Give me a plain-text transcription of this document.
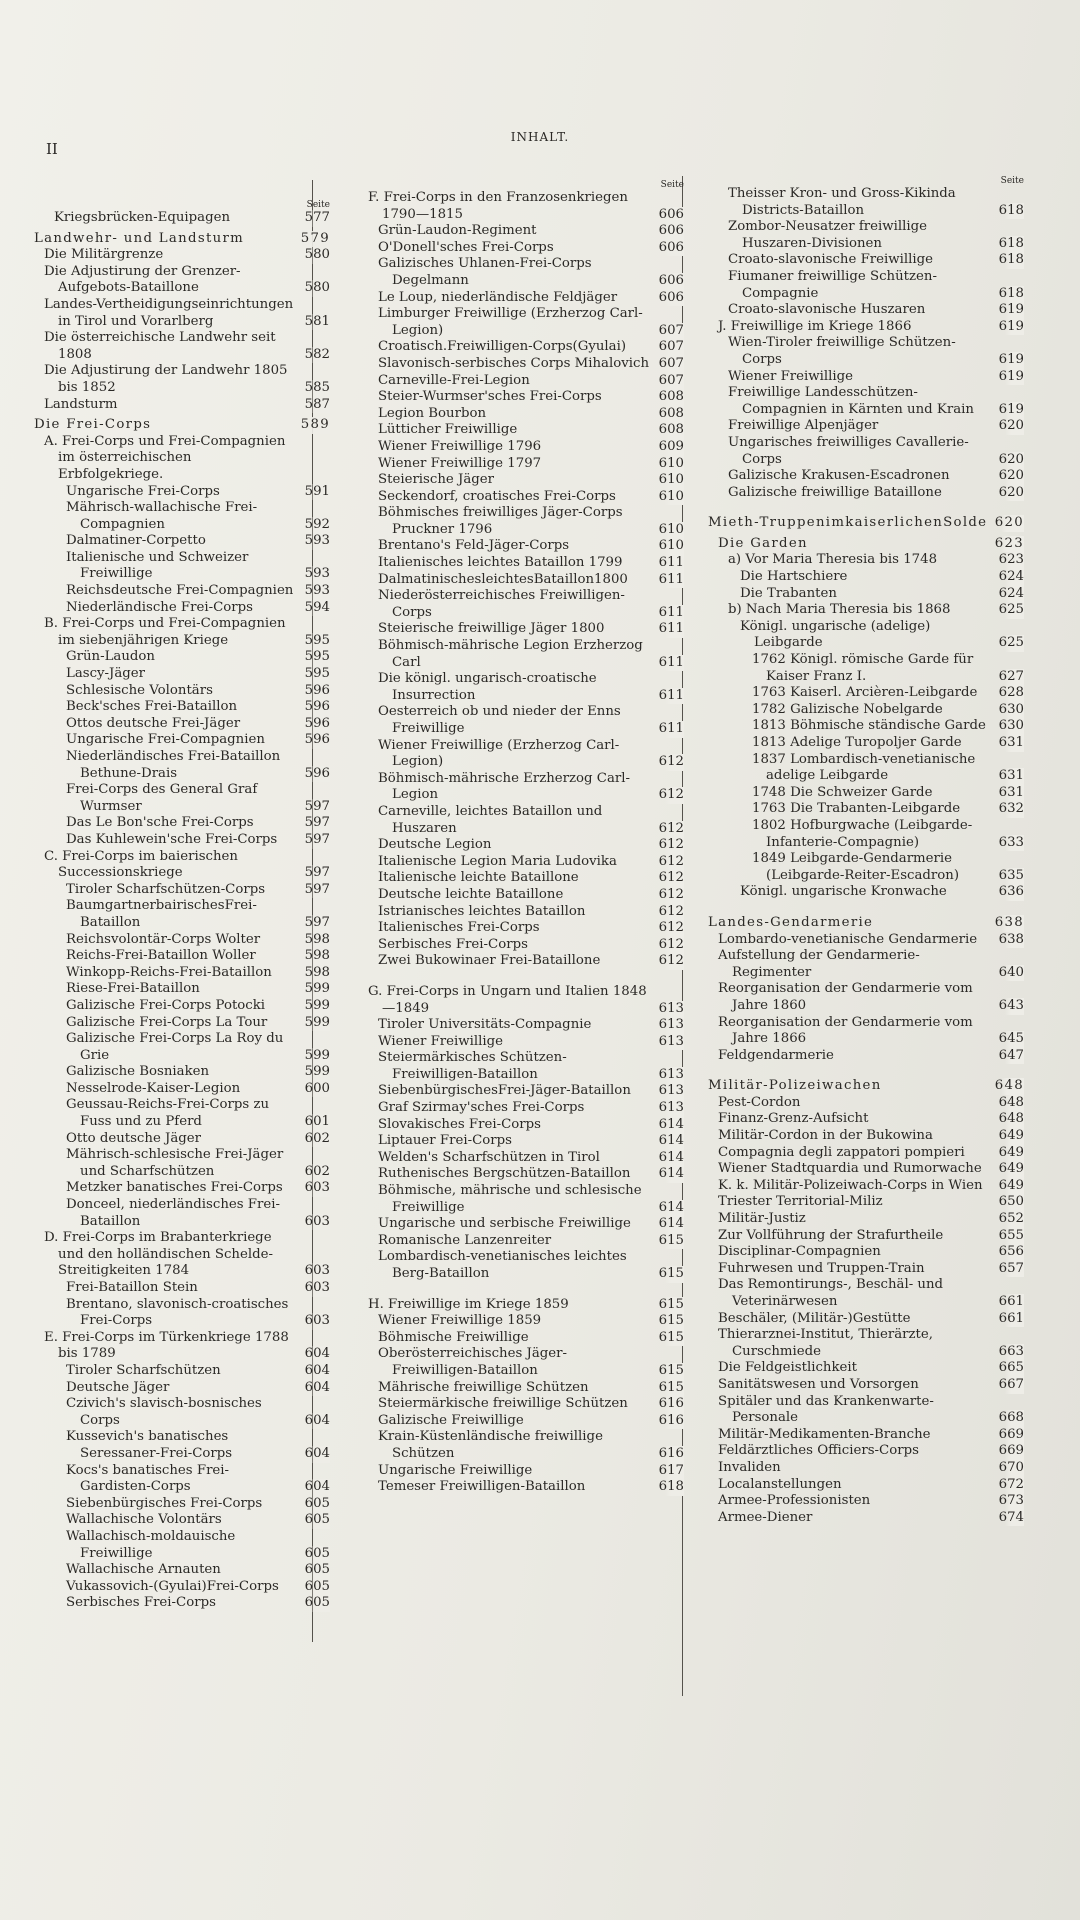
II
INHALT.
Seite
Kriegsbrücken-Equipagen	577
Landwehr- und Landsturm	579
Die Militärgrenze	580
Die Adjustirung der Grenzer-Aufgebots-Bataillone	580
Landes-Vertheidigungseinrichtungen in Tirol und Vorarlberg	581
Die österreichische Landwehr seit 1808	582
Die Adjustirung der Landwehr 1805 bis 1852	585
Landsturm	587
Die Frei-Corps	589
A. Frei-Corps und Frei-Compagnien im österreichischen Erbfolgekriege.
Ungarische Frei-Corps	591
Mährisch-wallachische Frei-Compagnien	592
Dalmatiner-Corpetto	593
Italienische und Schweizer Freiwillige	593
Reichsdeutsche Frei-Compagnien 593
Niederländische Frei-Corps	594
B. Frei-Corps und Frei-Compagnien im siebenjährigen Kriege	595
Grün-Laudon	595
Lascy-Jäger	595
Schlesische Volontärs	596
Beck'sches Frei-Bataillon	596
Ottos deutsche Frei-Jäger	596
Ungarische Frei-Compagnien	596
Niederländisches Frei-Bataillon Bethune-Drais	596
Frei-Corps des General Graf Wurmser	597
Das Le Bon'sche Frei-Corps	597
Das Kuhlewein'sche Frei-Corps 597
C. Frei-Corps im baierischen Successionskriege	597
Tiroler Scharfschützen-Corps	597
BaumgartnerbairischesFrei-Bataillon	597
Reichsvolontär-Corps Wolter	598
Reichs-Frei-Bataillon Woller	598
Winkopp-Reichs-Frei-Bataillon 598
Riese-Frei-Bataillon	599
Galizische Frei-Corps Potocki	599
Galizische Frei-Corps La Tour	599
Galizische Frei-Corps La Roy du Grie	599
Galizische Bosniaken	599
Nesselrode-Kaiser-Legion	600
Geussau-Reichs-Frei-Corps zu Fuss und zu Pferd	601
Otto deutsche Jäger	602
Mährisch-schlesische Frei-Jäger und Scharfschützen	602
Metzker banatisches Frei-Corps 603
Donceel, niederländisches Frei-Bataillon	603
D. Frei-Corps im Brabanterkriege und den holländischen Schelde-Streitigkeiten 1784	603
Frei-Bataillon Stein	603
Brentano, slavonisch-croatisches Frei-Corps	603
E. Frei-Corps im Türkenkriege 1788 bis 1789	604
Tiroler Scharfschützen	604
Deutsche Jäger	604
Czivich's slavisch-bosnisches Corps	604
Kussevich's banatisches Seressaner-Frei-Corps	604
Kocs's banatisches Frei-Gardisten-Corps	604
Siebenbürgisches Frei-Corps	605
Wallachische Volontärs	605
Wallachisch-moldauische Freiwillige	605
Wallachische Arnauten	605
Vukassovich-(Gyulai)Frei-Corps 605
Serbisches Frei-Corps	605
Seite
F. Frei-Corps in den Franzosenkriegen 1790—1815	606
Grün-Laudon-Regiment	606
O'Donell'sches Frei-Corps	606
Galizisches Uhlanen-Frei-Corps Degelmann	606
Le Loup, niederländische Feldjäger	606
Limburger Freiwillige (Erzherzog Carl-Legion)	607
Croatisch.Freiwilligen-Corps(Gyulai) 607
Slavonisch-serbisches Corps Mihalovich 607
Carneville-Frei-Legion	607
Steier-Wurmser'sches Frei-Corps	608
Legion Bourbon	608
Lütticher Freiwillige	608
Wiener Freiwillige 1796	609
Wiener Freiwillige 1797	610
Steierische Jäger	610
Seckendorf, croatisches Frei-Corps	610
Böhmisches freiwilliges Jäger-Corps Pruckner 1796	610
Brentano's Feld-Jäger-Corps	610
Italienisches leichtes Bataillon 1799	611
DalmatinischesleichtesBataillon1800 611
Niederösterreichisches Freiwilligen-Corps	611
Steierische freiwillige Jäger 1800	611
Böhmisch-mährische Legion Erzherzog Carl	611
Die königl. ungarisch-croatische Insurrection	611
Oesterreich ob und nieder der Enns Freiwillige	611
Wiener Freiwillige (Erzherzog Carl-Legion)	612
Böhmisch-mährische Erzherzog Carl-Legion	612
Carneville, leichtes Bataillon und Huszaren	612
Deutsche Legion	612
Italienische Legion Maria Ludovika	612
Italienische leichte Bataillone	612
Deutsche leichte Bataillone	612
Istrianisches leichtes Bataillon	612
Italienisches Frei-Corps	612
Serbisches Frei-Corps	612
Zwei Bukowinaer Frei-Bataillone	612
G. Frei-Corps in Ungarn und Italien 1848—1849	613
Tiroler Universitäts-Compagnie	613
Wiener Freiwillige	613
Steiermärkisches Schützen-Freiwilligen-Bataillon	613
SiebenbürgischesFrei-Jäger-Bataillon 613
Graf Szirmay'sches Frei-Corps	613
Slovakisches Frei-Corps	614
Liptauer Frei-Corps	614
Welden's Scharfschützen in Tirol	614
Ruthenisches Bergschützen-Bataillon 614
Böhmische, mährische und schlesische Freiwillige	614
Ungarische und serbische Freiwillige 614
Romanische Lanzenreiter	615
Lombardisch-venetianisches leichtes Berg-Bataillon	615
H. Freiwillige im Kriege 1859	615
Wiener Freiwillige 1859	615
Böhmische Freiwillige	615
Oberösterreichisches Jäger-Freiwilligen-Bataillon	615
Mährische freiwillige Schützen	615
Steiermärkische freiwillige Schützen 616
Galizische Freiwillige	616
Krain-Küstenländische freiwillige Schützen	616
Ungarische Freiwillige	617
Temeser Freiwilligen-Bataillon	618
Seite
Theisser Kron- und Gross-Kikinda Districts-Bataillon	618
Zombor-Neusatzer freiwillige Huszaren-Divisionen	618
Croato-slavonische Freiwillige	618
Fiumaner freiwillige Schützen-Compagnie	618
Croato-slavonische Huszaren	619
J. Freiwillige im Kriege 1866	619
Wien-Tiroler freiwillige Schützen-Corps	619
Wiener Freiwillige	619
Freiwillige Landesschützen-Compagnien in Kärnten und Krain 619
Freiwillige Alpenjäger	620
Ungarisches freiwilliges Cavallerie-Corps	620
Galizische Krakusen-Escadronen	620
Galizische freiwillige Bataillone	620
Mieth-TruppenimkaiserlichenSolde 620
Die Garden	623
a) Vor Maria Theresia bis 1748	623
Die Hartschiere	624
Die Trabanten	624
b) Nach Maria Theresia bis 1868	625
Königl. ungarische (adelige) Leibgarde	625
1762 Königl. römische Garde für Kaiser Franz I.	627
1763 Kaiserl. Arcièren-Leibgarde 628
1782 Galizische Nobelgarde	630
1813 Böhmische ständische Garde 630
1813 Adelige Turopoljer Garde	631
1837 Lombardisch-venetianische adelige Leibgarde	631
1748 Die Schweizer Garde	631
1763 Die Trabanten-Leibgarde	632
1802 Hofburgwache (Leibgarde-Infanterie-Compagnie)	633
1849 Leibgarde-Gendarmerie (Leibgarde-Reiter-Escadron)	635
Königl. ungarische Kronwache	636
Landes-Gendarmerie	638
Lombardo-venetianische Gendarmerie 638
Aufstellung der Gendarmerie-Regimenter	640
Reorganisation der Gendarmerie vom Jahre 1860	643
Reorganisation der Gendarmerie vom Jahre 1866	645
Feldgendarmerie	647
Militär-Polizeiwachen	648
Pest-Cordon	648
Finanz-Grenz-Aufsicht	648
Militär-Cordon in der Bukowina	649
Compagnia degli zappatori pompieri	649
Wiener Stadtquardia und Rumorwache 649
K. k. Militär-Polizeiwach-Corps in Wien 649
Triester Territorial-Miliz	650
Militär-Justiz	652
Zur Vollführung der Strafurtheile	655
Disciplinar-Compagnien	656
Fuhrwesen und Truppen-Train	657
Das Remontirungs-, Beschäl- und Veterinärwesen	661
Beschäler, (Militär-)Gestütte	661
Thierarznei-Institut, Thierärzte, Curschmiede	663
Die Feldgeistlichkeit	665
Sanitätswesen und Vorsorgen	667
Spitäler und das Krankenwarte-Personale	668
Militär-Medikamenten-Branche	669
Feldärztliches Officiers-Corps	669
Invaliden	670
Localanstellungen	672
Armee-Professionisten	673
Armee-Diener	674
